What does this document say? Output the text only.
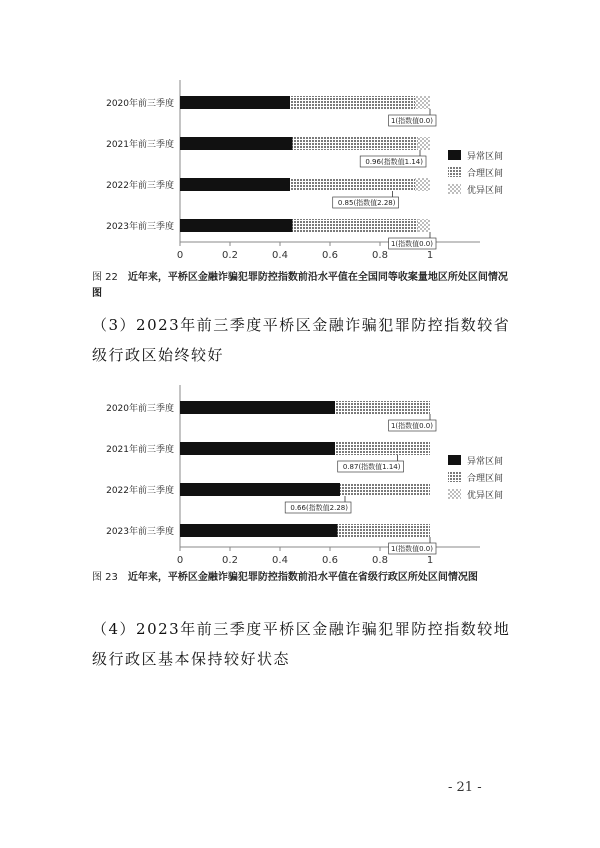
0	0.2	0.4	0.6	0.8	1
2020年前三季度
1(指数值0.0)
2021年前三季度
0.96(指数值1.14)
2022年前三季度
0.85(指数值2.28)
2023年前三季度
1(指数值0.0)
异常区间
合理区间
优异区间
图 22 近年来，平桥区金融诈骗犯罪防控指数前沿水平值在全国同等收案量地区所处区间情况图
（3）2023年前三季度平桥区金融诈骗犯罪防控指数较省级行政区始终较好
0	0.2	0.4	0.6	0.8	1
2020年前三季度
1(指数值0.0)
2021年前三季度
0.87(指数值1.14)
2022年前三季度
0.66(指数值2.28)
2023年前三季度
1(指数值0.0)
异常区间
合理区间
优异区间
图 23 近年来，平桥区金融诈骗犯罪防控指数前沿水平值在省级行政区所处区间情况图
（4）2023年前三季度平桥区金融诈骗犯罪防控指数较地级行政区基本保持较好状态
- 21 -
